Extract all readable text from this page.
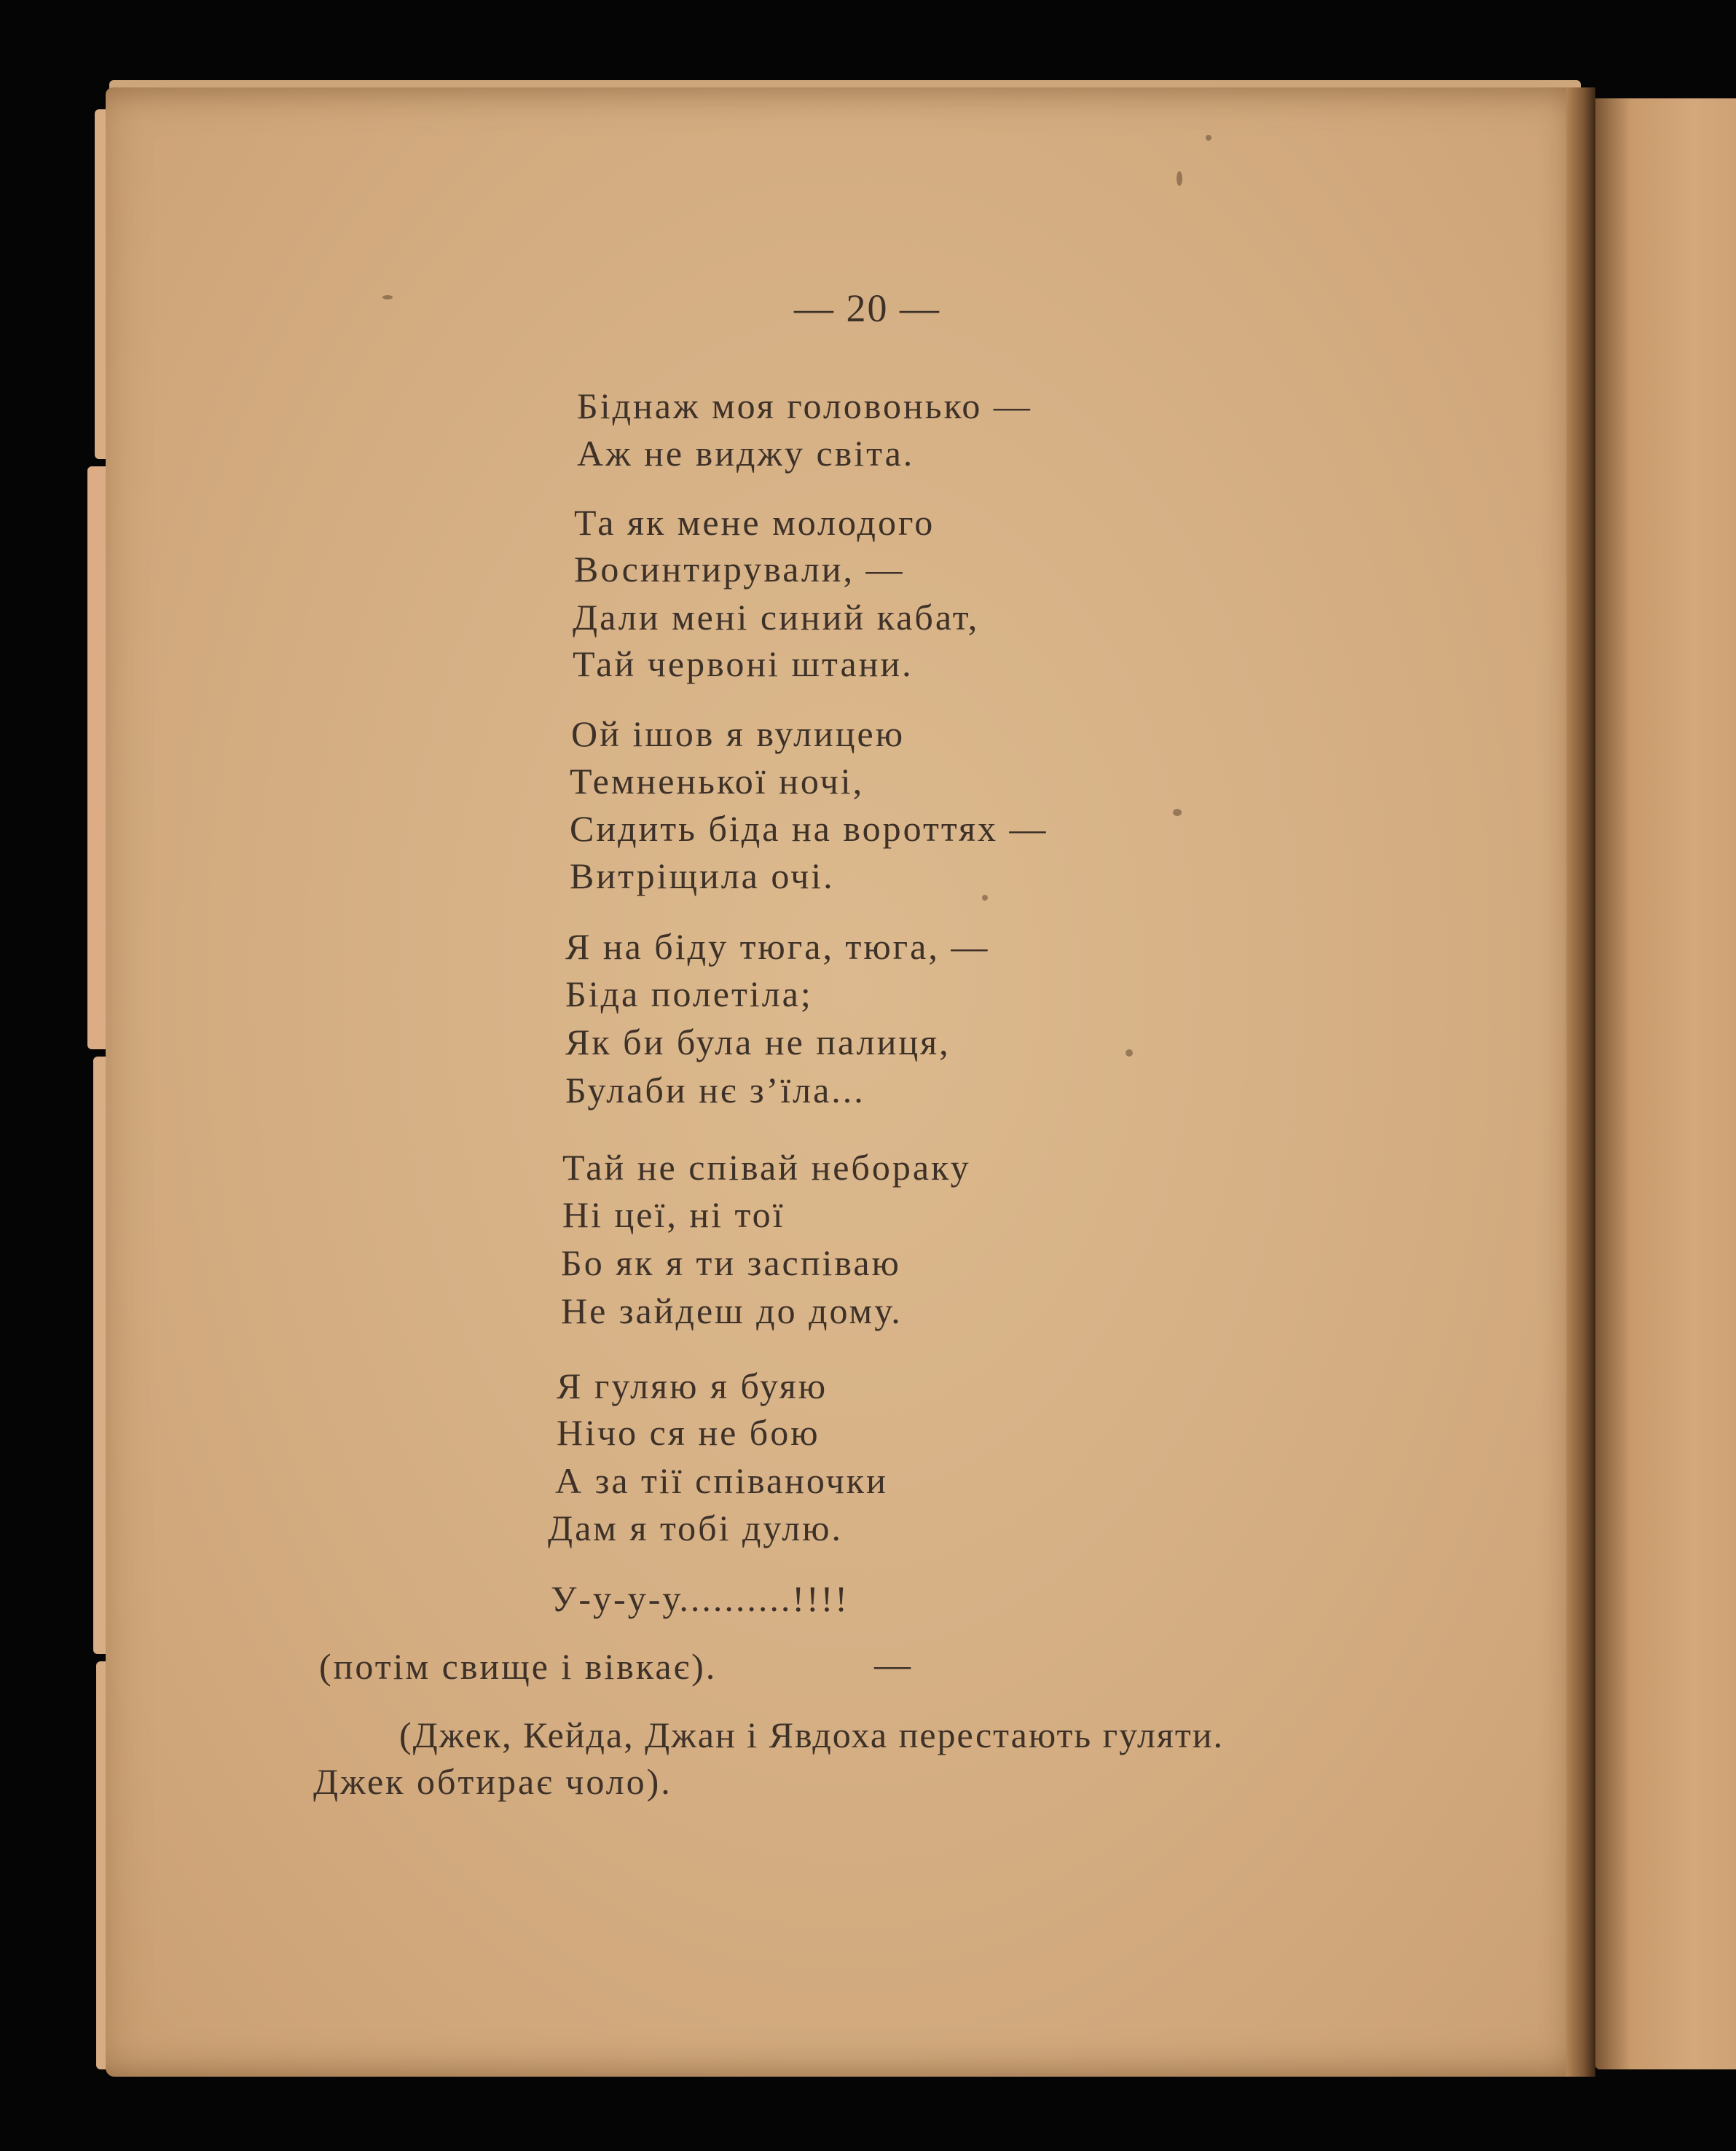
— 20 —
Біднаж моя головонько —
Аж не виджу світа.
Та як мене молодого
Восинтирували, —
Дали мені синий кабат,
Тай червоні штани.
Ой ішов я вулицею
Темненької ночі,
Сидить біда на вороттях —
Витріщила очі.
Я на біду тюга, тюга, —
Біда полетіла;
Як би була не палиця,
Булаби нє з’їла...
Тай не співай небораку
Ні цеї, ні тої
Бо як я ти заспіваю
Не зайдеш до дому.
Я гуляю я буяю
Нічо ся не бою
А за тії співаночки
Дам я тобі дулю.
У-у-у-у..........!!!!
(потім свище і вівкає).	—
(Джек, Кейда, Джан і Явдоха перестають гуляти.
Джек обтирає чоло).
